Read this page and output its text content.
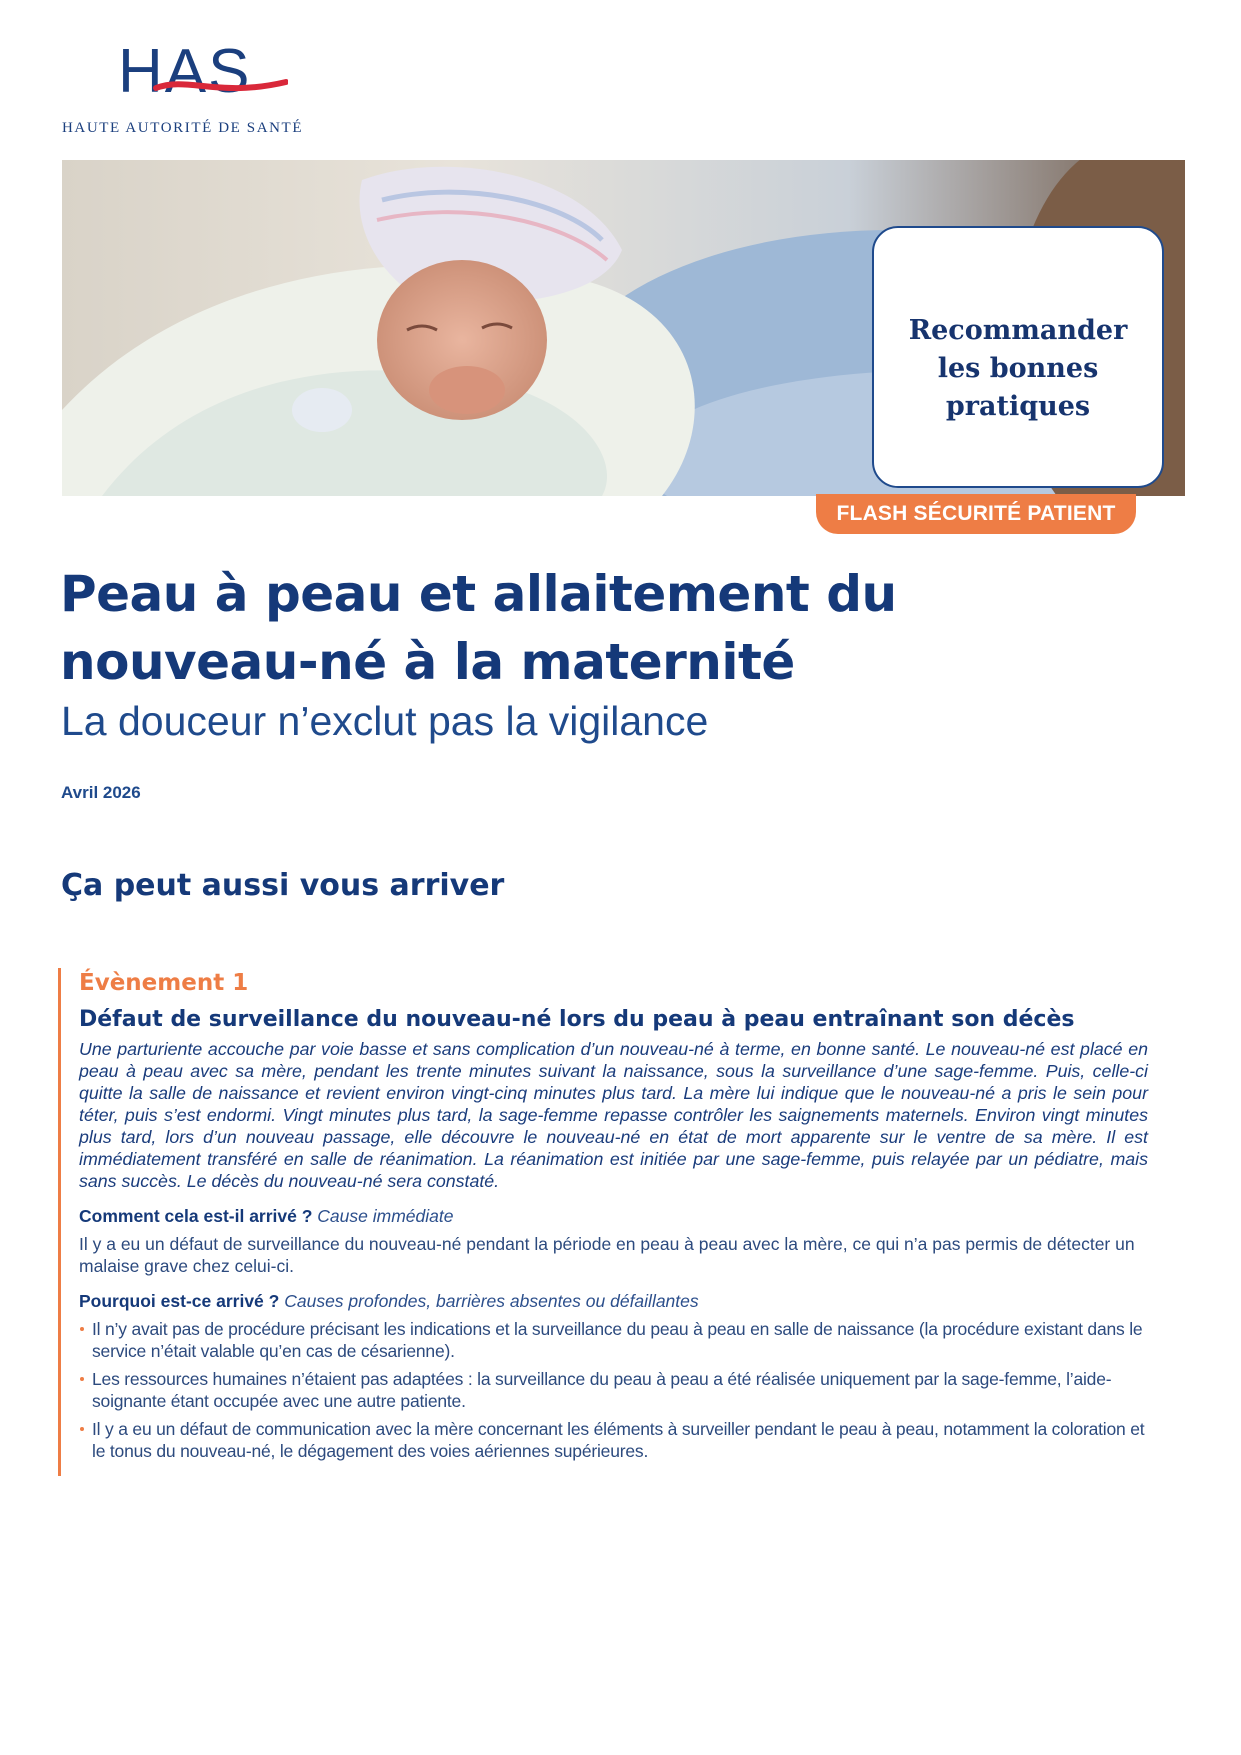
HAS
HAUTE AUTORITÉ DE SANTÉ
Recommander
les bonnes
pratiques
FLASH SÉCURITÉ PATIENT
Peau à peau et allaitement du nouveau-né à la maternité
La douceur n’exclut pas la vigilance
Avril 2026
Ça peut aussi vous arriver

Évènement 1

Défaut de surveillance du nouveau-né lors du peau à peau entraînant son décès

Une parturiente accouche par voie basse et sans complication d’un nouveau-né à terme, en bonne santé. Le nouveau-né est placé en peau à peau avec sa mère, pendant les trente minutes suivant la naissance, sous la surveillance d’une sage-femme. Puis, celle-ci quitte la salle de naissance et revient environ vingt-cinq minutes plus tard. La mère lui indique que le nouveau-né a pris le sein pour téter, puis s’est endormi. Vingt minutes plus tard, la sage-femme repasse contrôler les saignements maternels. Environ vingt minutes plus tard, lors d’un nouveau passage, elle découvre le nouveau-né en état de mort apparente sur le ventre de sa mère. Il est immédiatement transféré en salle de réanimation. La réanimation est initiée par une sage-femme, puis relayée par un pédiatre, mais sans succès. Le décès du nouveau-né sera constaté.

Comment cela est-il arrivé ? Cause immédiate

Il y a eu un défaut de surveillance du nouveau-né pendant la période en peau à peau avec la mère, ce qui n’a pas permis de détecter un malaise grave chez celui-ci.

Pourquoi est-ce arrivé ? Causes profondes, barrières absentes ou défaillantes

Il n’y avait pas de procédure précisant les indications et la surveillance du peau à peau en salle de naissance (la procédure existant dans le service n’était valable qu’en cas de césarienne).
Les ressources humaines n’étaient pas adaptées : la surveillance du peau à peau a été réalisée uniquement par la sage-femme, l’aide-soignante étant occupée avec une autre patiente.
Il y a eu un défaut de communication avec la mère concernant les éléments à surveiller pendant le peau à peau, notamment la coloration et le tonus du nouveau-né, le dégagement des voies aériennes supérieures.
